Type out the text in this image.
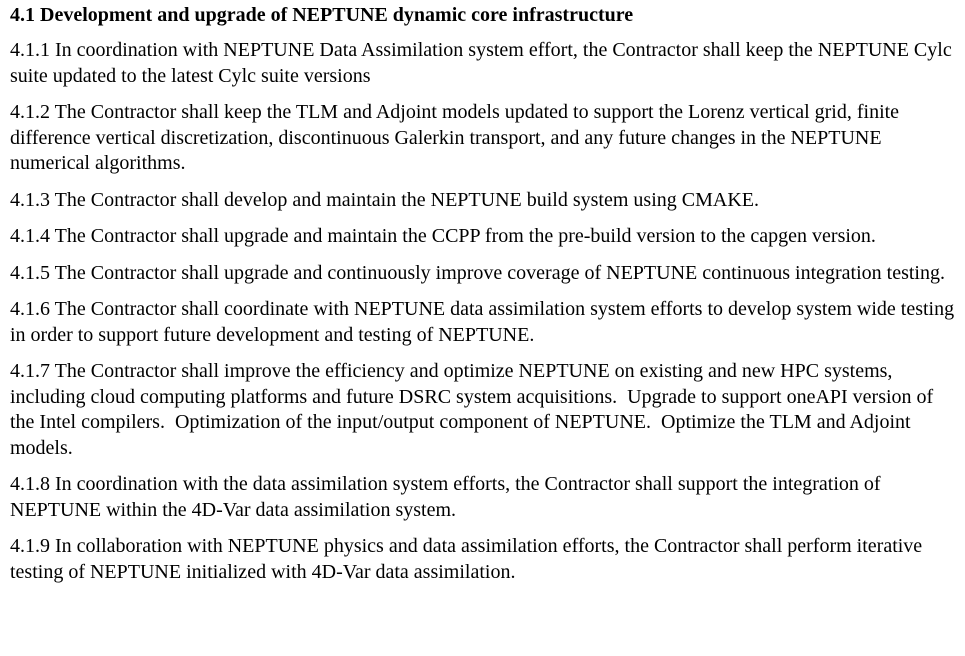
4.1 Development and upgrade of NEPTUNE dynamic core infrastructure
4.1.1 In coordination with NEPTUNE Data Assimilation system effort, the Contractor shall keep the NEPTUNE Cylc suite updated to the latest Cylc suite versions
4.1.2 The Contractor shall keep the TLM and Adjoint models updated to support the Lorenz vertical grid, finite difference vertical discretization, discontinuous Galerkin transport, and any future changes in the NEPTUNE numerical algorithms.
4.1.3 The Contractor shall develop and maintain the NEPTUNE build system using CMAKE.
4.1.4 The Contractor shall upgrade and maintain the CCPP from the pre-build version to the capgen version.
4.1.5 The Contractor shall upgrade and continuously improve coverage of NEPTUNE continuous integration testing.
4.1.6 The Contractor shall coordinate with NEPTUNE data assimilation system efforts to develop system wide testing in order to support future development and testing of NEPTUNE.
4.1.7 The Contractor shall improve the efficiency and optimize NEPTUNE on existing and new HPC systems, including cloud computing platforms and future DSRC system acquisitions.  Upgrade to support oneAPI version of the Intel compilers.  Optimization of the input/output component of NEPTUNE.  Optimize the TLM and Adjoint models.
4.1.8 In coordination with the data assimilation system efforts, the Contractor shall support the integration of NEPTUNE within the 4D-Var data assimilation system.
4.1.9 In collaboration with NEPTUNE physics and data assimilation efforts, the Contractor shall perform iterative testing of NEPTUNE initialized with 4D-Var data assimilation.
